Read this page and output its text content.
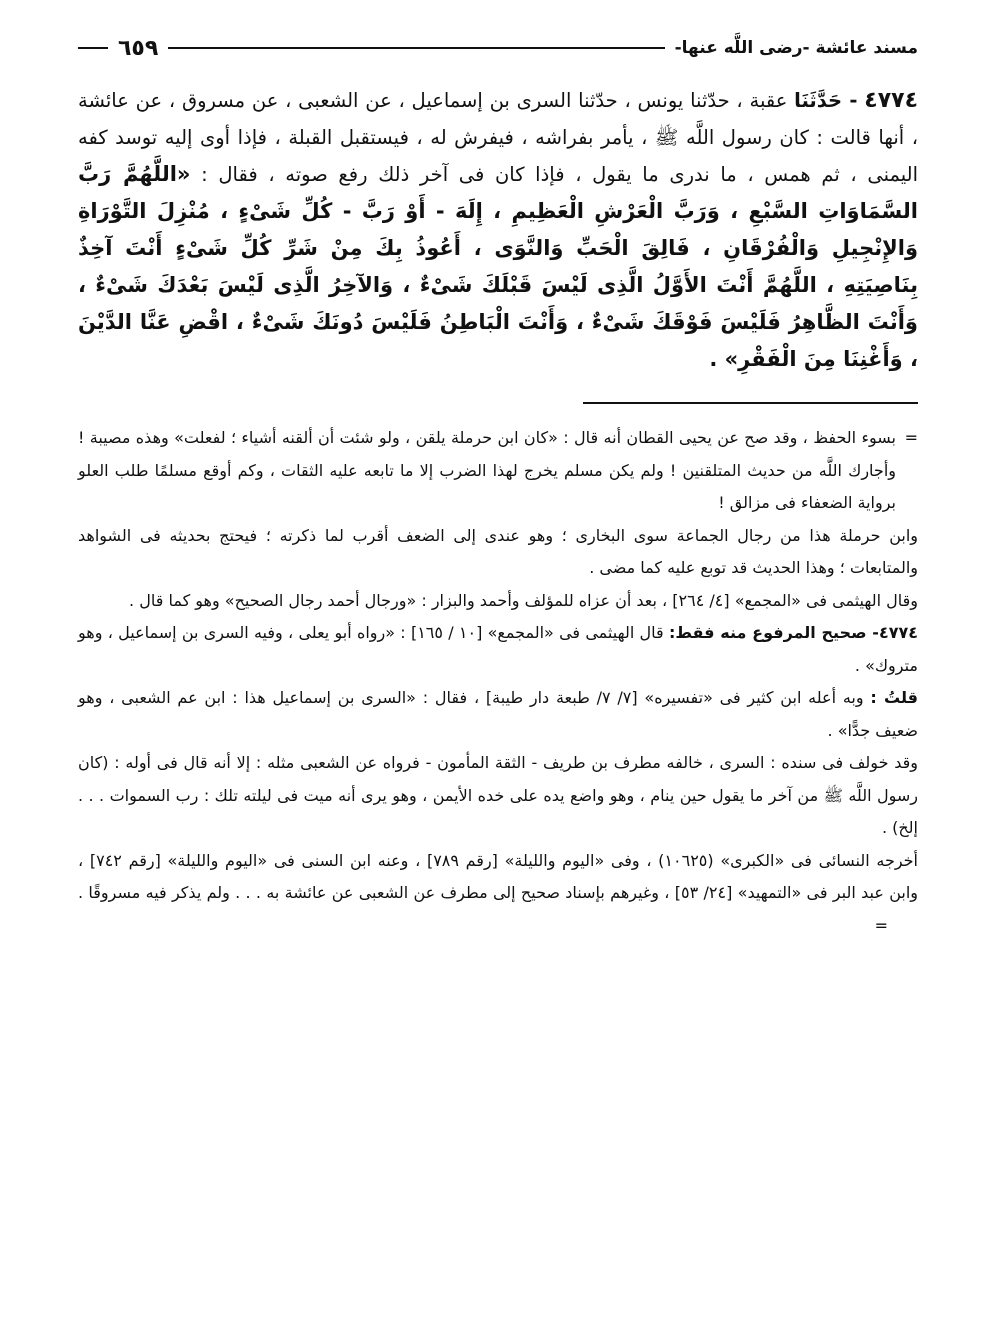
مسند عائشة -رضى اللَّه عنها-
٦٥٩
٤٧٧٤ - حَدَّثَنَا عقبة ، حدّثنا يونس ، حدّثنا السرى بن إسماعيل ، عن الشعبى ، عن مسروق ، عن عائشة ، أنها قالت : كان رسول اللَّه ﷺ ، يأمر بفراشه ، فيفرش له ، فيستقبل القبلة ، فإذا أوى إليه توسد كفه اليمنى ، ثم همس ، ما ندرى ما يقول ، فإذا كان فى آخر ذلك رفع صوته ، فقال : «اللَّهُمَّ رَبَّ السَّمَاوَاتِ السَّبْعِ ، وَرَبَّ الْعَرْشِ الْعَظِيمِ ، إِلَهَ - أَوْ رَبَّ - كُلِّ شَىْءٍ ، مُنْزِلَ التَّوْرَاةِ وَالإِنْجِيلِ وَالْفُرْقَانِ ، فَالِقَ الْحَبِّ وَالنَّوَى ، أَعُوذُ بِكَ مِنْ شَرِّ كُلِّ شَىْءٍ أَنْتَ آخِذٌ بِنَاصِيَتِهِ ، اللَّهُمَّ أَنْتَ الأَوَّلُ الَّذِى لَيْسَ قَبْلَكَ شَىْءٌ ، وَالآخِرُ الَّذِى لَيْسَ بَعْدَكَ شَىْءٌ ، وَأَنْتَ الظَّاهِرُ فَلَيْسَ فَوْقَكَ شَىْءٌ ، وَأَنْتَ الْبَاطِنُ فَلَيْسَ دُونَكَ شَىْءٌ ، اقْضِ عَنَّا الدَّيْنَ ، وَأَغْنِنَا مِنَ الْفَقْرِ» .

=
بسوء الحفظ ، وقد صح عن يحيى القطان أنه قال : «كان ابن حرملة يلقن ، ولو شئت أن ألقنه أشياء ؛ لفعلت» وهذه مصيبة ! وأجارك اللَّه من حديث المتلقنين ! ولم يكن مسلم يخرج لهذا الضرب إلا ما تابعه عليه الثقات ، وكم أوقع مسلمًا طلب العلو برواية الضعفاء فى مزالق !

وابن حرملة هذا من رجال الجماعة سوى البخارى ؛ وهو عندى إلى الضعف أقرب لما ذكرته ؛ فيحتج بحديثه فى الشواهد والمتابعات ؛ وهذا الحديث قد توبع عليه كما مضى .

وقال الهيثمى فى «المجمع» [٤/ ٢٦٤] ، بعد أن عزاه للمؤلف وأحمد والبزار : «ورجال أحمد رجال الصحيح» وهو كما قال .

٤٧٧٤- صحيح المرفوع منه فقط: قال الهيثمى فى «المجمع» [١٠ / ١٦٥] : «رواه أبو يعلى ، وفيه السرى بن إسماعيل ، وهو متروك» .

قلتُ : وبه أعله ابن كثير فى «تفسيره» [٧/ ٧/ طبعة دار طيبة] ، فقال : «السرى بن إسماعيل هذا : ابن عم الشعبى ، وهو ضعيف جدًّا» .

وقد خولف فى سنده : السرى ، خالفه مطرف بن طريف - الثقة المأمون - فرواه عن الشعبى مثله : إلا أنه قال فى أوله : (كان رسول اللَّه ﷺ من آخر ما يقول حين ينام ، وهو واضع يده على خده الأيمن ، وهو يرى أنه ميت فى ليلته تلك : رب السموات . . . إلخ) .

أخرجه النسائى فى «الكبرى» (١٠٦٢٥) ، وفى «اليوم والليلة» [رقم ٧٨٩] ، وعنه ابن السنى فى «اليوم والليلة» [رقم ٧٤٢] ، وابن عبد البر فى «التمهيد» [٢٤/ ٥٣] ، وغيرهم بإسناد صحيح إلى مطرف عن الشعبى عن عائشة به . . . ولم يذكر فيه مسروقًا . =
